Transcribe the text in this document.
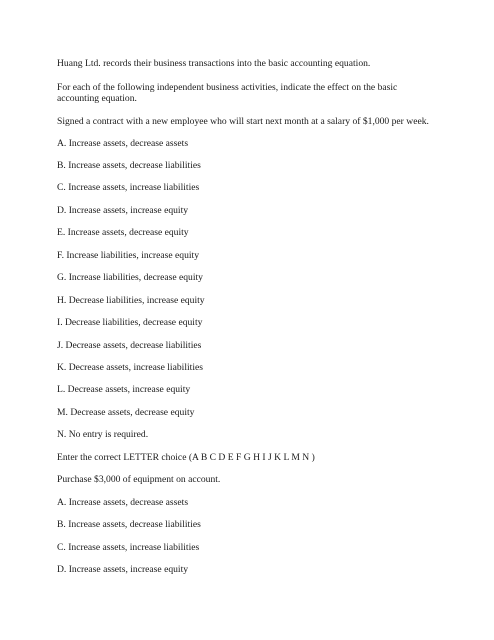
Huang Ltd. records their business transactions into the basic accounting equation.
For each of the following independent business activities, indicate the effect on the basic
accounting equation.
Signed a contract with a new employee who will start next month at a salary of $1,000 per week.
A. Increase assets, decrease assets
B. Increase assets, decrease liabilities
C. Increase assets, increase liabilities
D. Increase assets, increase equity
E. Increase assets, decrease equity
F. Increase liabilities, increase equity
G. Increase liabilities, decrease equity
H. Decrease liabilities, increase equity
I. Decrease liabilities, decrease equity
J. Decrease assets, decrease liabilities
K. Decrease assets, increase liabilities
L. Decrease assets, increase equity
M. Decrease assets, decrease equity
N. No entry is required.
Enter the correct LETTER choice (A B C D E F G H I J K L M N )
Purchase $3,000 of equipment on account.
A. Increase assets, decrease assets
B. Increase assets, decrease liabilities
C. Increase assets, increase liabilities
D. Increase assets, increase equity
